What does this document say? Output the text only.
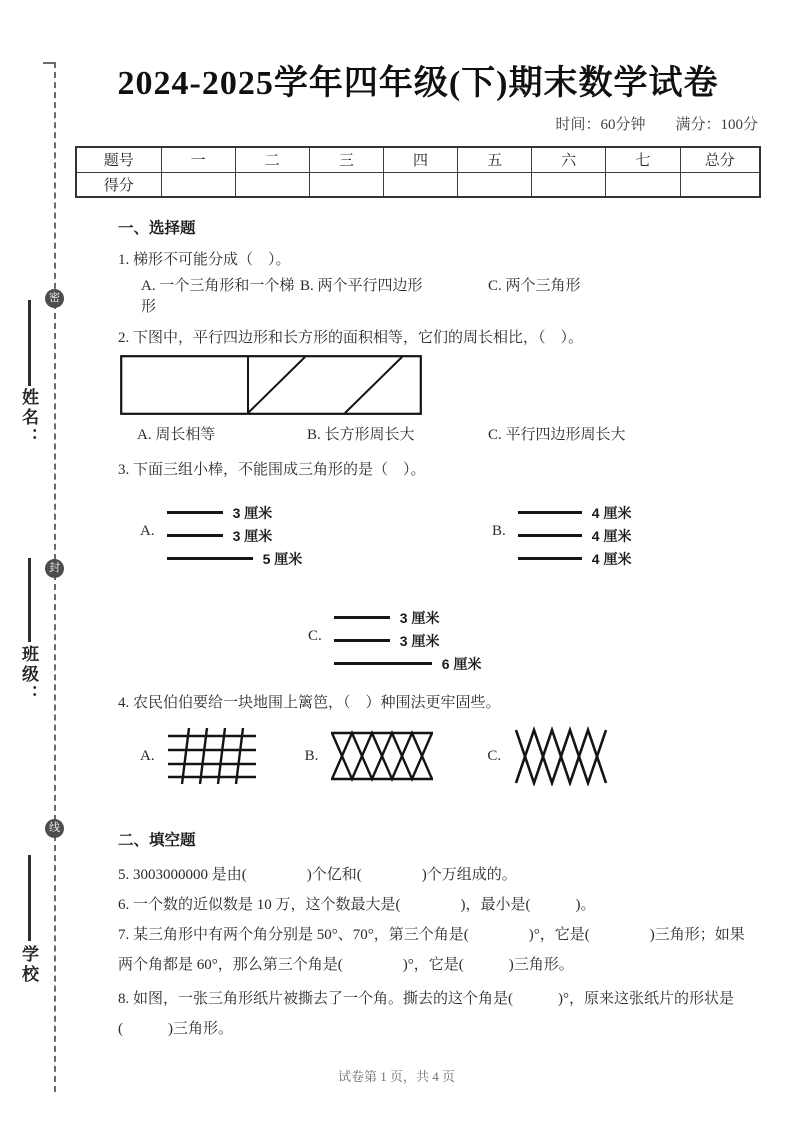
密
封
线
姓名：
班级：
学校
2024-2025学年四年级(下)期末数学试卷
时间：60分钟 满分：100分
题号	一	二	三	四	五	六	七	总分
得分								
一、选择题
1. 梯形不可能分成（　）。
A. 一个三角形和一个梯形
B. 两个平行四边形	C. 两个三角形
2. 下图中，平行四边形和长方形的面积相等，它们的周长相比，（　）。
A. 周长相等	B. 长方形周长大	C. 平行四边形周长大
3. 下面三组小棒，不能围成三角形的是（　）。
A.
3 厘米
3 厘米
5 厘米
B.
4 厘米
4 厘米
4 厘米
C.
3 厘米
3 厘米
6 厘米
4. 农民伯伯要给一块地围上篱笆，（　）种围法更牢固些。
A.	B.	C.
二、填空题
5. 3003000000 是由(　　　　)个亿和(　　　　)个万组成的。
6. 一个数的近似数是 10 万，这个数最大是(　　　　)，最小是(　　　)。
7. 某三角形中有两个角分别是 50°、70°，第三个角是(　　　　)°，它是(　　　　)三角形；如果两个角都是 60°，那么第三个角是(　　　　)°，它是(　　　)三角形。
8. 如图，一张三角形纸片被撕去了一个角。撕去的这个角是(　　　)°，原来这张纸片的形状是(　　　)三角形。
试卷第 1 页，共 4 页
